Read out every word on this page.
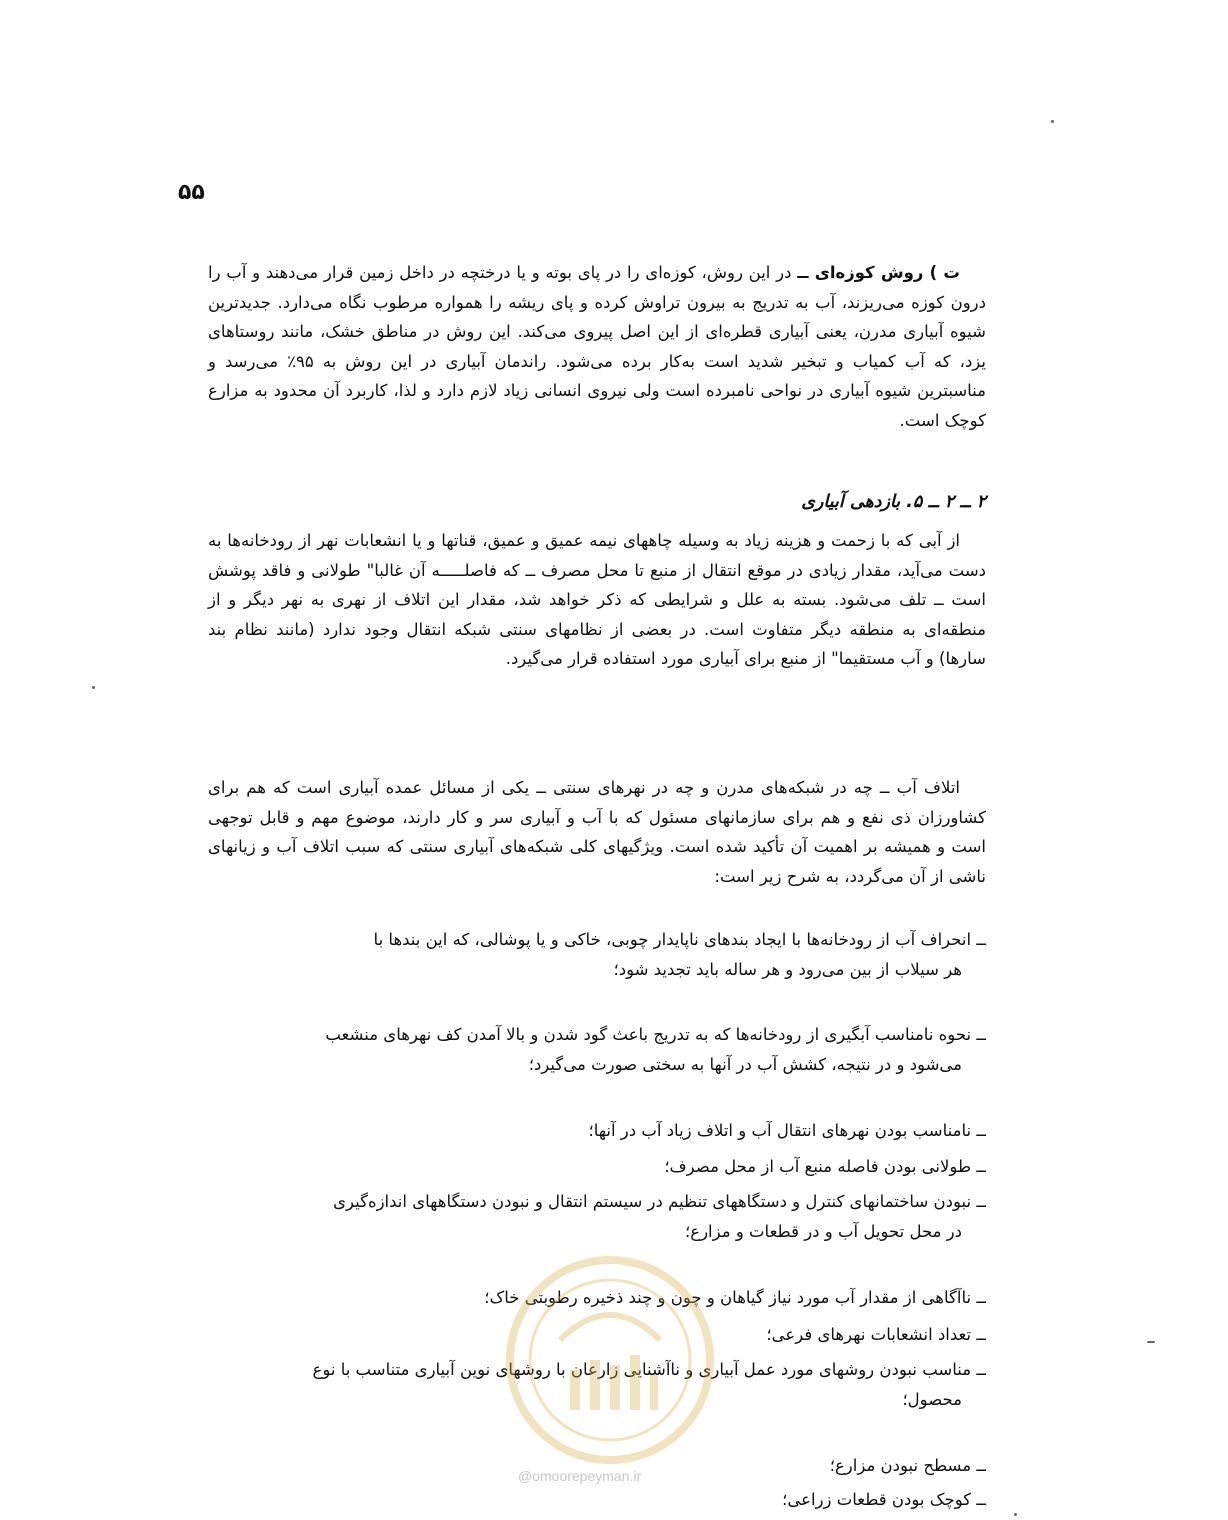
۵۵

ت ) روش کوزه‌ای ــ در این روش، کوزه‌ای را در پای بوته و یا درختچه در داخل زمین قرار می‌دهند و آب را درون کوزه می‌ریزند، آب به تدریج به بیرون تراوش کرده و پای ریشه را همواره مرطوب نگاه می‌دارد. جدیدترین شیوه آبیاری مدرن، یعنی آبیاری قطره‌ای از این اصل پیروی می‌کند. این روش در مناطق خشک، مانند روستاهای یزد، که آب کمیاب و تبخیر شدید است به‌کار برده می‌شود. راندمان آبیاری در این روش به ۹۵٪ می‌رسد و مناسبترین شیوه آبیاری در نواحی نامبرده است ولی نیروی انسانی زیاد لازم دارد و لذا، کاربرد آن محدود به مزارع کوچک است.

۲ ــ ۲ ــ ۵. بازدهی آبیاری

از آبی که با زحمت و هزینه زیاد به وسیله چاههای نیمه عمیق و عمیق، قناتها و یا انشعابات نهر از رودخانه‌ها به دست می‌آید، مقدار زیادی در موقع انتقال از منبع تا محل مصرف ــ که فاصلـــــه آن غالبا" طولانی و فاقد پوشش است ــ تلف می‌شود. بسته به علل و شرایطی که ذکر خواهد شد، مقدار این اتلاف از نهری به نهر دیگر و از منطقه‌ای به منطقه دیگر متفاوت است. در بعضی از نظامهای سنتی شبکه انتقال وجود ندارد (مانند نظام بند سارها) و آب مستقیما" از منبع برای آبیاری مورد استفاده قرار می‌گیرد.

اتلاف آب ــ چه در شبکه‌های مدرن و چه در نهرهای سنتی ــ یکی از مسائل عمده آبیاری است که هم برای کشاورزان ذی نفع و هم برای سازمانهای مسئول که با آب و آبیاری سر و کار دارند، موضوع مهم و قابل توجهی است و همیشه بر اهمیت آن تأکید شده است. ویژگیهای کلی شبکه‌های آبیاری سنتی که سبب اتلاف آب و زیانهای ناشی از آن می‌گردد، به شرح زیر است:

ــ انحراف آب از رودخانه‌ها با ایجاد بندهای ناپایدار چوبی، خاکی و یا پوشالی، که این بندها با
هر سیلاب از بین می‌رود و هر ساله باید تجدید شود؛

ــ نحوه نامناسب آبگیری از رودخانه‌ها که به تدریج باعث گود شدن و بالا آمدن کف نهرهای منشعب
می‌شود و در نتیجه، کشش آب در آنها به سختی صورت می‌گیرد؛

ــ نامناسب بودن نهرهای انتقال آب و اتلاف زیاد آب در آنها؛

ــ طولانی بودن فاصله منبع آب از محل مصرف؛

ــ نبودن ساختمانهای کنترل و دستگاههای تنظیم در سیستم انتقال و نبودن دستگاههای اندازه‌گیری
در محل تحویل آب و در قطعات و مزارع؛

ــ ناآگاهی از مقدار آب مورد نیاز گیاهان و چون و چند ذخیره رطوبتی خاک؛

ــ تعداد انشعابات نهرهای فرعی؛

ــ مناسب نبودن روشهای مورد عمل آبیاری و ناآشنایی زارعان با روشهای نوین آبیاری متناسب با نوع
محصول؛

ــ مسطح نبودن مزارع؛

ــ کوچک بودن قطعات زراعی؛

@omoorepeyman.ir
